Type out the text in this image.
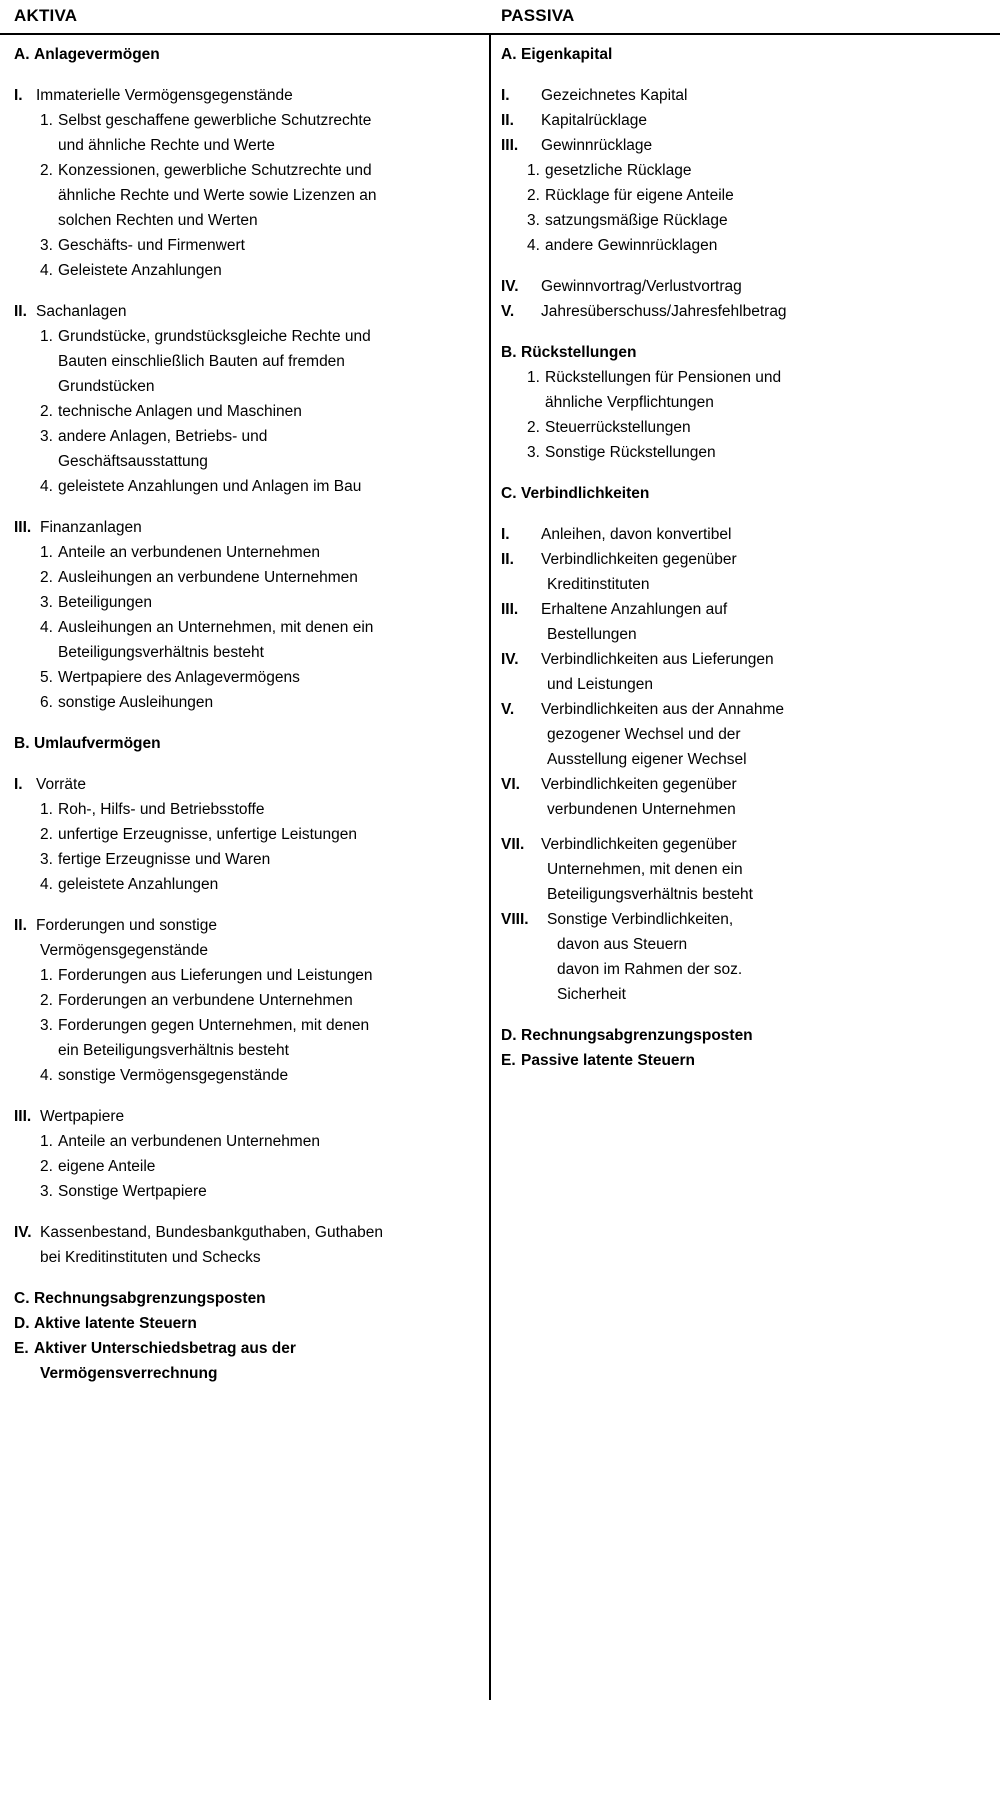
AKTIVA	PASSIVA
A. Anlagevermögen
I. Immaterielle Vermögensgegenstände
1. Selbst geschaffene gewerbliche Schutzrechte
und ähnliche Rechte und Werte
2. Konzessionen, gewerbliche Schutzrechte und
ähnliche Rechte und Werte sowie Lizenzen an
solchen Rechten und Werten
3. Geschäfts- und Firmenwert
4. Geleistete Anzahlungen
II. Sachanlagen
1. Grundstücke, grundstücksgleiche Rechte und
Bauten einschließlich Bauten auf fremden
Grundstücken
2. technische Anlagen und Maschinen
3. andere Anlagen, Betriebs- und
Geschäftsausstattung
4. geleistete Anzahlungen und Anlagen im Bau
III. Finanzanlagen
1. Anteile an verbundenen Unternehmen
2. Ausleihungen an verbundene Unternehmen
3. Beteiligungen
4. Ausleihungen an Unternehmen, mit denen ein
Beteiligungsverhältnis besteht
5. Wertpapiere des Anlagevermögens
6. sonstige Ausleihungen
B. Umlaufvermögen
I. Vorräte
1. Roh-, Hilfs- und Betriebsstoffe
2. unfertige Erzeugnisse, unfertige Leistungen
3. fertige Erzeugnisse und Waren
4. geleistete Anzahlungen
II. Forderungen und sonstige
Vermögensgegenstände
1. Forderungen aus Lieferungen und Leistungen
2. Forderungen an verbundene Unternehmen
3. Forderungen gegen Unternehmen, mit denen
ein Beteiligungsverhältnis besteht
4. sonstige Vermögensgegenstände
III. Wertpapiere
1. Anteile an verbundenen Unternehmen
2. eigene Anteile
3. Sonstige Wertpapiere
IV. Kassenbestand, Bundesbankguthaben, Guthaben
bei Kreditinstituten und Schecks
C. Rechnungsabgrenzungsposten
D. Aktive latente Steuern
E. Aktiver Unterschiedsbetrag aus der
Vermögensverrechnung
A. Eigenkapital
I.	Gezeichnetes Kapital
II.	Kapitalrücklage
III.	Gewinnrücklage
1. gesetzliche Rücklage
2. Rücklage für eigene Anteile
3. satzungsmäßige Rücklage
4. andere Gewinnrücklagen
IV.	Gewinnvortrag/Verlustvortrag
V.	Jahresüberschuss/Jahresfehlbetrag
B. Rückstellungen
1. Rückstellungen für Pensionen und
ähnliche Verpflichtungen
2. Steuerrückstellungen
3. Sonstige Rückstellungen
C. Verbindlichkeiten
I.	Anleihen, davon konvertibel
II.	Verbindlichkeiten gegenüber
Kreditinstituten
III.	Erhaltene Anzahlungen auf
Bestellungen
IV.	Verbindlichkeiten aus Lieferungen
und Leistungen
V.	Verbindlichkeiten aus der Annahme
gezogener Wechsel und der
Ausstellung eigener Wechsel
VI.	Verbindlichkeiten gegenüber
verbundenen Unternehmen
VII.	Verbindlichkeiten gegenüber
Unternehmen, mit denen ein
Beteiligungsverhältnis besteht
VIII.	Sonstige Verbindlichkeiten,
davon aus Steuern
davon im Rahmen der soz.
Sicherheit
D. Rechnungsabgrenzungsposten
E. Passive latente Steuern
